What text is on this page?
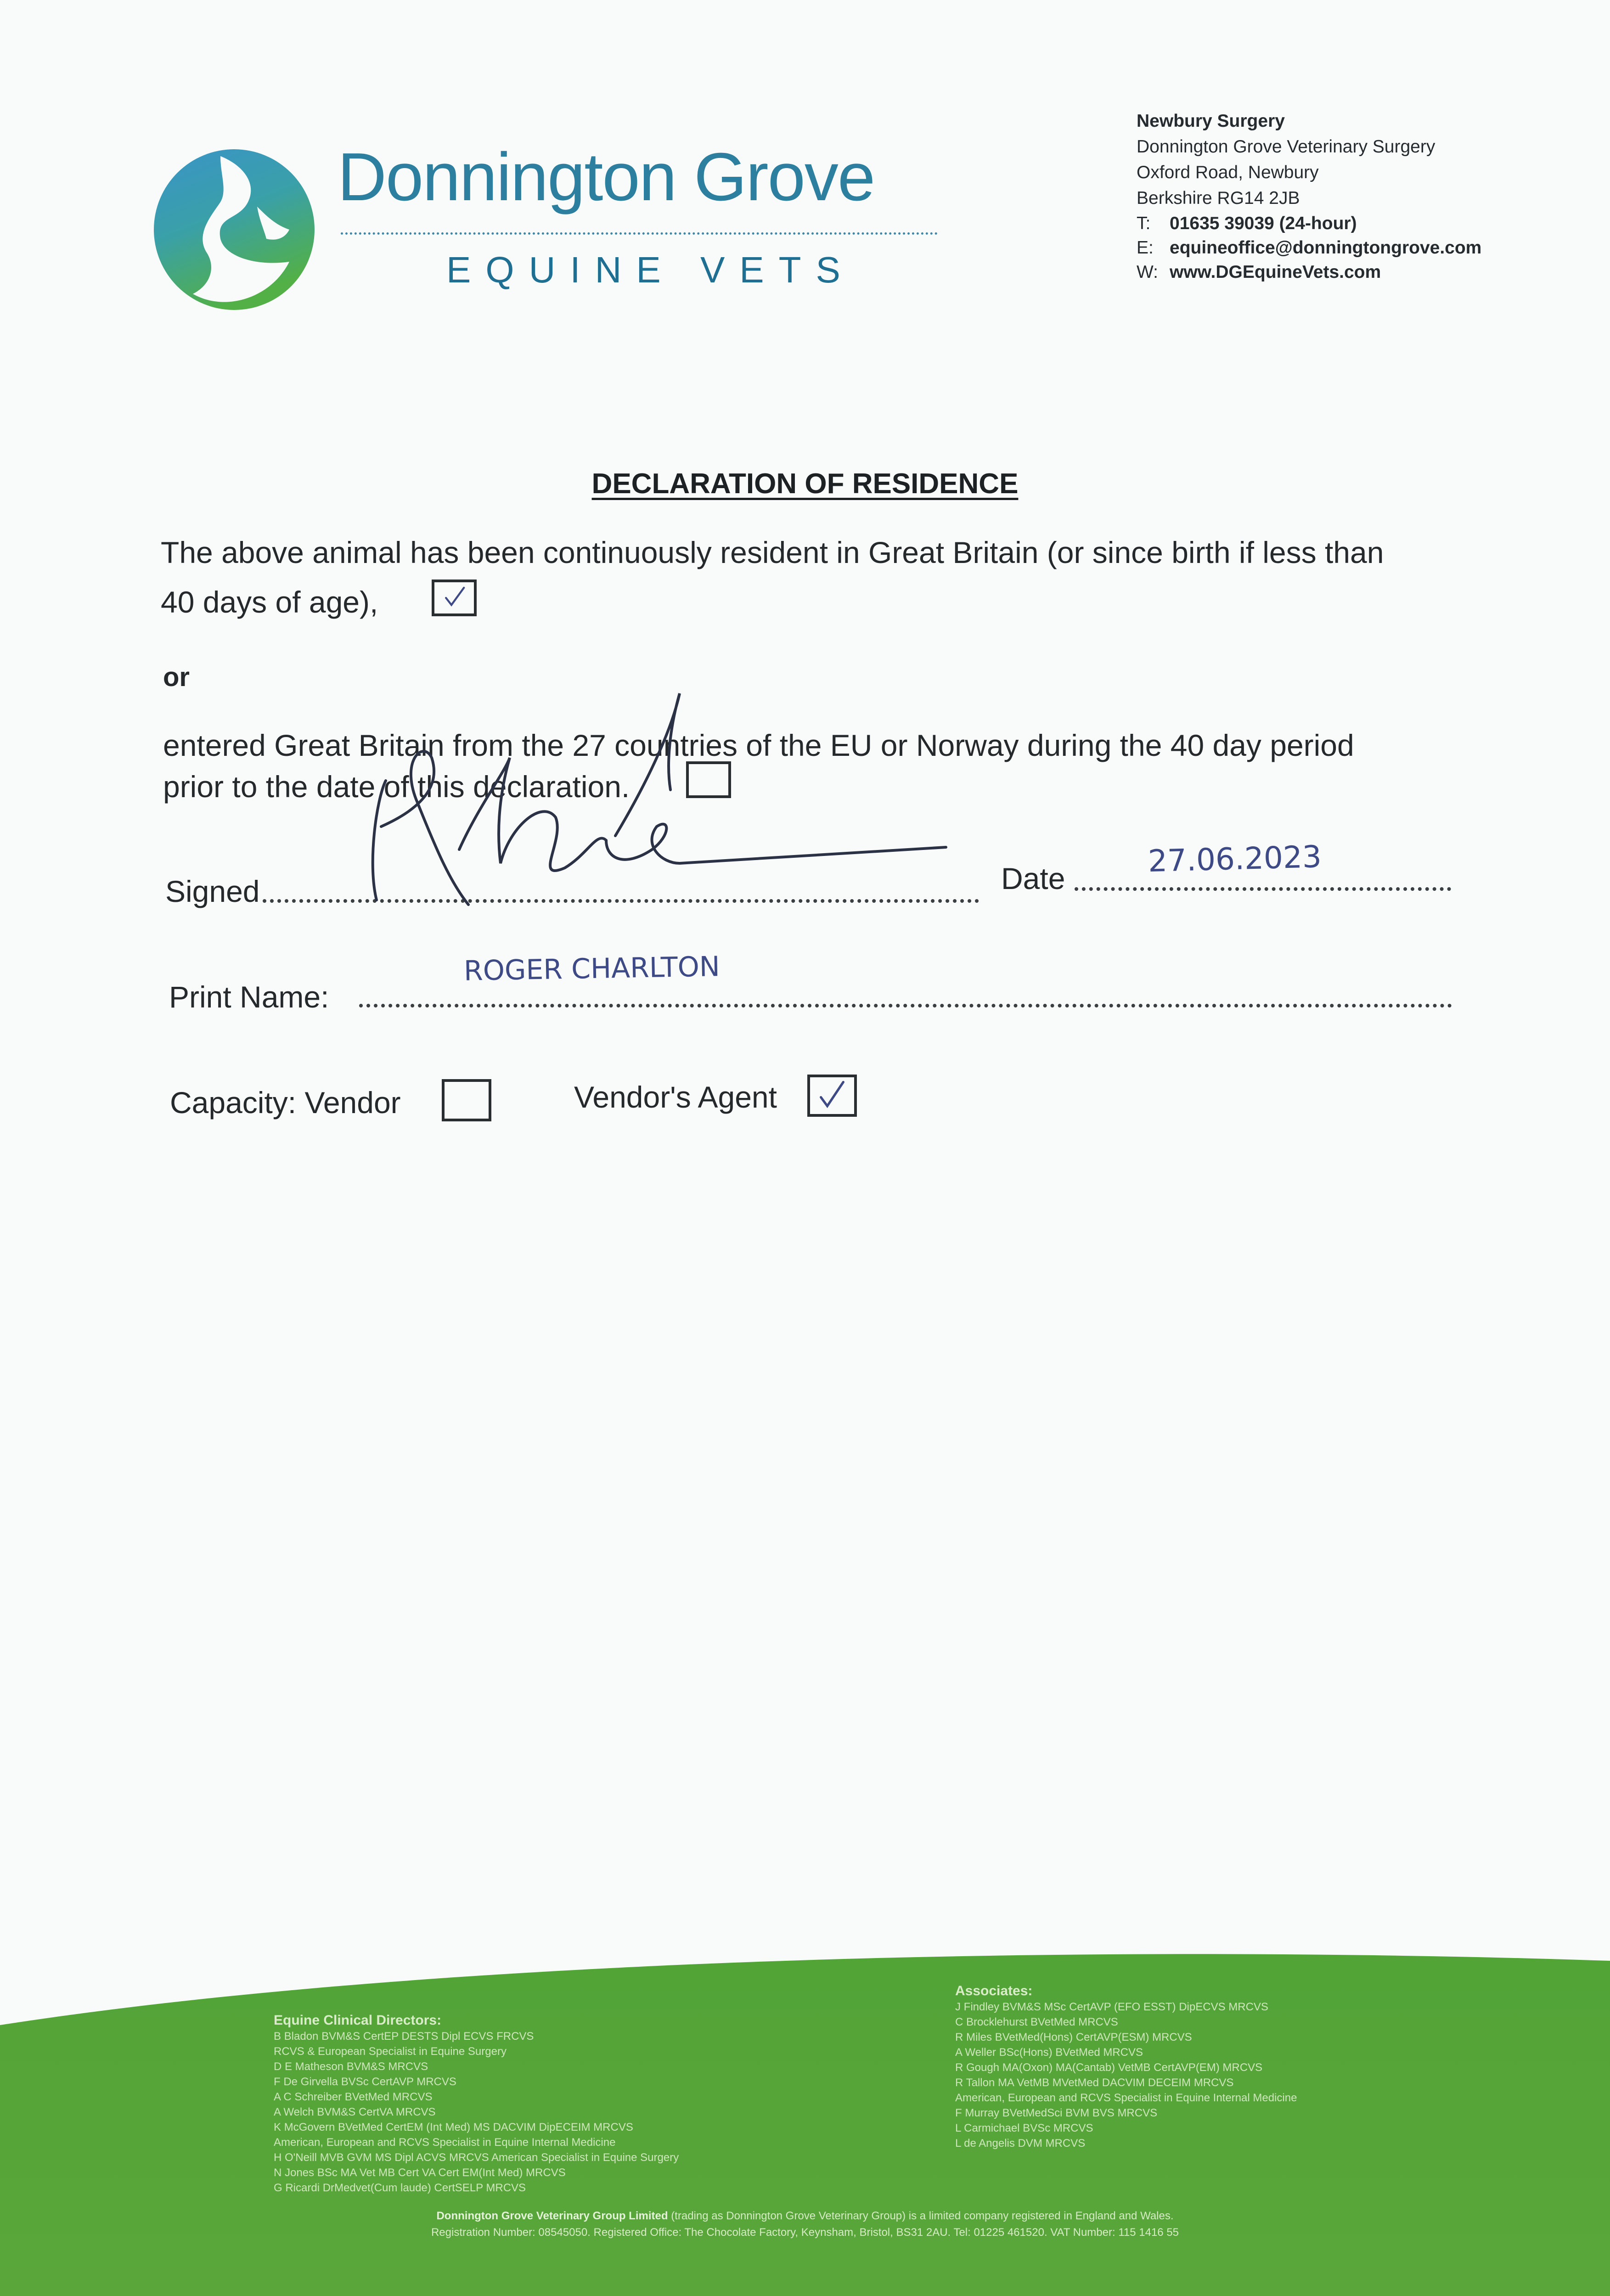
Donnington Grove
EQUINE VETS
Newbury Surgery
Donnington Grove Veterinary Surgery
Oxford Road, Newbury
Berkshire RG14 2JB
T: 01635 39039 (24-hour)
E: equineoffice@donningtongrove.com
W: www.DGEquineVets.com
DECLARATION OF RESIDENCE
The above animal has been continuously resident in Great Britain (or since birth if less than
40 days of age),
or
entered Great Britain from the 27 countries of the EU or Norway during the 40 day period
prior to the date of this declaration.
Signed	Date	27.06.2023
Print Name:
ROGER CHARLTON
Capacity: Vendor	Vendor's Agent
Equine Clinical Directors:
B Bladon BVM&S CertEP DESTS Dipl ECVS FRCVS
RCVS & European Specialist in Equine Surgery
D E Matheson BVM&S MRCVS
F De Girvella BVSc CertAVP MRCVS
A C Schreiber BVetMed MRCVS
A Welch BVM&S CertVA MRCVS
K McGovern BVetMed CertEM (Int Med) MS DACVIM DipECEIM MRCVS
American, European and RCVS Specialist in Equine Internal Medicine
H O'Neill MVB GVM MS Dipl ACVS MRCVS American Specialist in Equine Surgery
N Jones BSc MA Vet MB Cert VA Cert EM(Int Med) MRCVS
G Ricardi DrMedvet(Cum laude) CertSELP MRCVS
Associates:
J Findley BVM&S MSc CertAVP (EFO ESST) DipECVS MRCVS
C Brocklehurst BVetMed MRCVS
R Miles BVetMed(Hons) CertAVP(ESM) MRCVS
A Weller BSc(Hons) BVetMed MRCVS
R Gough MA(Oxon) MA(Cantab) VetMB CertAVP(EM) MRCVS
R Tallon MA VetMB MVetMed DACVIM DECEIM MRCVS
American, European and RCVS Specialist in Equine Internal Medicine
F Murray BVetMedSci BVM BVS MRCVS
L Carmichael BVSc MRCVS
L de Angelis DVM MRCVS
Donnington Grove Veterinary Group Limited (trading as Donnington Grove Veterinary Group) is a limited company registered in England and Wales.
Registration Number: 08545050. Registered Office: The Chocolate Factory, Keynsham, Bristol, BS31 2AU. Tel: 01225 461520. VAT Number: 115 1416 55
